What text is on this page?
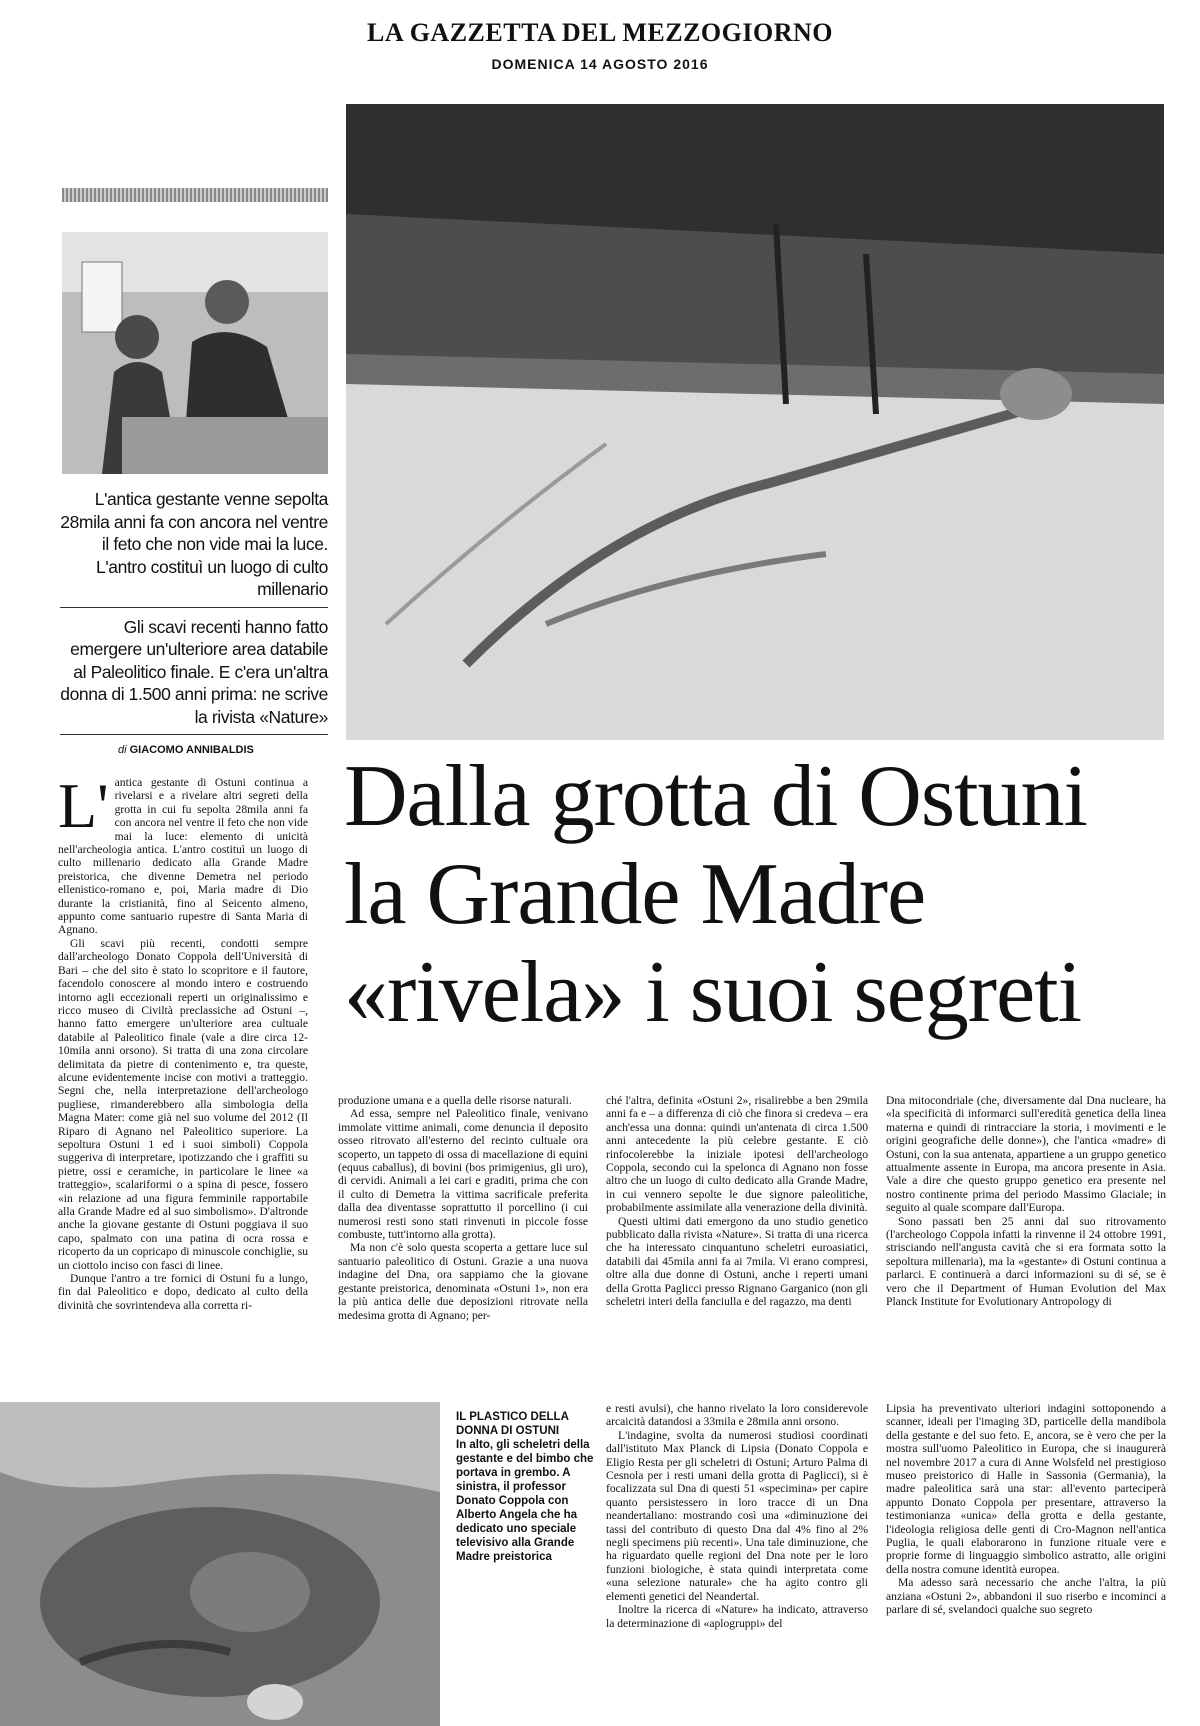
LA GAZZETTA DEL MEZZOGIORNO
DOMENICA 14 AGOSTO 2016

L'antica gestante venne sepolta 28mila anni fa con ancora nel ventre il feto che non vide mai la luce. L'antro costituì un luogo di culto millenario

Gli scavi recenti hanno fatto emergere un'ulteriore area databile al Paleolitico finale. E c'era un'altra donna di 1.500 anni prima: ne scrive la rivista «Nature»

di GIACOMO ANNIBALDIS	Dalla grotta di Ostuni
la Grande Madre
«rivela» i suoi segreti

L' antica gestante di Ostuni continua a rivelarsi e a rivelare altri segreti della grotta in cui fu sepolta 28mila anni fa con ancora nel ventre il feto che non vide mai la luce: elemento di unicità nell'archeologia antica. L'antro costituì un luogo di culto millenario dedicato alla Grande Madre preistorica, che divenne Demetra nel periodo ellenistico-romano e, poi, Maria madre di Dio durante la cristianità, fino al Seicento almeno, appunto come santuario rupestre di Santa Maria di Agnano.

Gli scavi più recenti, condotti sempre dall'archeologo Donato Coppola dell'Università di Bari – che del sito è stato lo scopritore e il fautore, facendolo conoscere al mondo intero e costruendo intorno agli eccezionali reperti un originalissimo e ricco museo di Civiltà preclassiche ad Ostuni –, hanno fatto emergere un'ulteriore area cultuale databile al Paleolitico finale (vale a dire circa 12-10mila anni orsono). Si tratta di una zona circolare delimitata da pietre di contenimento e, tra queste, alcune evidentemente incise con motivi a tratteggio. Segni che, nella interpretazione dell'archeologo pugliese, rimanderebbero alla simbologia della Magna Mater: come già nel suo volume del 2012 (Il Riparo di Agnano nel Paleolitico superiore. La sepoltura Ostuni 1 ed i suoi simboli) Coppola suggeriva di interpretare, ipotizzando che i graffiti su pietre, ossi e ceramiche, in particolare le linee «a tratteggio», scalariformi o a spina di pesce, fossero «in relazione ad una figura femminile rapportabile alla Grande Madre ed al suo simbolismo». D'altronde anche la giovane gestante di Ostuni poggiava il suo capo, spalmato con una patina di ocra rossa e ricoperto da un copricapo di minuscole conchiglie, su un ciottolo inciso con fasci di linee.

Dunque l'antro a tre fornici di Ostuni fu a lungo, fin dal Paleolitico e dopo, dedicato al culto della divinità che sovrintendeva alla corretta ri-

produzione umana e a quella delle risorse naturali.

Ad essa, sempre nel Paleolitico finale, venivano immolate vittime animali, come denuncia il deposito osseo ritrovato all'esterno del recinto cultuale ora scoperto, un tappeto di ossa di macellazione di equini (equus caballus), di bovini (bos primigenius, gli uro), di cervidi. Animali a lei cari e graditi, prima che con il culto di Demetra la vittima sacrificale preferita dalla dea diventasse soprattutto il porcellino (i cui numerosi resti sono stati rinvenuti in piccole fosse combuste, tutt'intorno alla grotta).

Ma non c'è solo questa scoperta a gettare luce sul santuario paleolitico di Ostuni. Grazie a una nuova indagine del Dna, ora sappiamo che la giovane gestante preistorica, denominata «Ostuni 1», non era la più antica delle due deposizioni ritrovate nella medesima grotta di Agnano; per-

ché l'altra, definita «Ostuni 2», risalirebbe a ben 29mila anni fa e – a differenza di ciò che finora si credeva – era anch'essa una donna: quindi un'antenata di circa 1.500 anni antecedente la più celebre gestante. E ciò rinfocolerebbe la iniziale ipotesi dell'archeologo Coppola, secondo cui la spelonca di Agnano non fosse altro che un luogo di culto dedicato alla Grande Madre, in cui vennero sepolte le due signore paleolitiche, probabilmente assimilate alla venerazione della divinità.

Questi ultimi dati emergono da uno studio genetico pubblicato dalla rivista «Nature». Si tratta di una ricerca che ha interessato cinquantuno scheletri euroasiatici, databili dai 45mila anni fa ai 7mila. Vi erano compresi, oltre alla due donne di Ostuni, anche i reperti umani della Grotta Paglicci presso Rignano Garganico (non gli scheletri interi della fanciulla e del ragazzo, ma denti

Dna mitocondriale (che, diversamente dal Dna nucleare, ha «la specificità di informarci sull'eredità genetica della linea materna e quindi di rintracciare la storia, i movimenti e le origini geografiche delle donne»), che l'antica «madre» di Ostuni, con la sua antenata, appartiene a un gruppo genetico attualmente assente in Europa, ma ancora presente in Asia. Vale a dire che questo gruppo genetico era presente nel nostro continente prima del periodo Massimo Glaciale; in seguito al quale scompare dall'Europa.

Sono passati ben 25 anni dal suo ritrovamento (l'archeologo Coppola infatti la rinvenne il 24 ottobre 1991, strisciando nell'angusta cavità che si era formata sotto la sepoltura millenaria), ma la «gestante» di Ostuni continua a parlarci. E continuerà a darci informazioni su di sé, se è vero che il Department of Human Evolution del Max Planck Institute for Evolutionary Antropology di

IL PLASTICO DELLA DONNA DI OSTUNI
In alto, gli scheletri della gestante e del bimbo che portava in grembo. A sinistra, il professor Donato Coppola con Alberto Angela che ha dedicato uno speciale televisivo alla Grande Madre preistorica

e resti avulsi), che hanno rivelato la loro considerevole arcaicità datandosi a 33mila e 28mila anni orsono.

L'indagine, svolta da numerosi studiosi coordinati dall'istituto Max Planck di Lipsia (Donato Coppola e Eligio Resta per gli scheletri di Ostuni; Arturo Palma di Cesnola per i resti umani della grotta di Paglicci), si è focalizzata sul Dna di questi 51 «specimina» per capire quanto persistessero in loro tracce di un Dna neandertaliano: mostrando così una «diminuzione dei tassi del contributo di questo Dna dal 4% fino al 2% negli specimens più recenti». Una tale diminuzione, che ha riguardato quelle regioni del Dna note per le loro funzioni biologiche, è stata quindi interpretata come «una selezione naturale» che ha agito contro gli elementi genetici del Neandertal.

Inoltre la ricerca di «Nature» ha indicato, attraverso la determinazione di «aplogruppi» del

Lipsia ha preventivato ulteriori indagini sottoponendo a scanner, ideali per l'imaging 3D, particelle della mandibola della gestante e del suo feto. E, ancora, se è vero che per la mostra sull'uomo Paleolitico in Europa, che si inaugurerà nel novembre 2017 a cura di Anne Wolsfeld nel prestigioso museo preistorico di Halle in Sassonia (Germania), la madre paleolitica sarà una star: all'evento parteciperà appunto Donato Coppola per presentare, attraverso la testimonianza «unica» della grotta e della gestante, l'ideologia religiosa delle genti di Cro-Magnon nell'antica Puglia, le quali elaborarono in funzione rituale vere e proprie forme di linguaggio simbolico astratto, alle origini della nostra comune identità europea.

Ma adesso sarà necessario che anche l'altra, la più anziana «Ostuni 2», abbandoni il suo riserbo e incominci a parlare di sé, svelandoci qualche suo segreto
